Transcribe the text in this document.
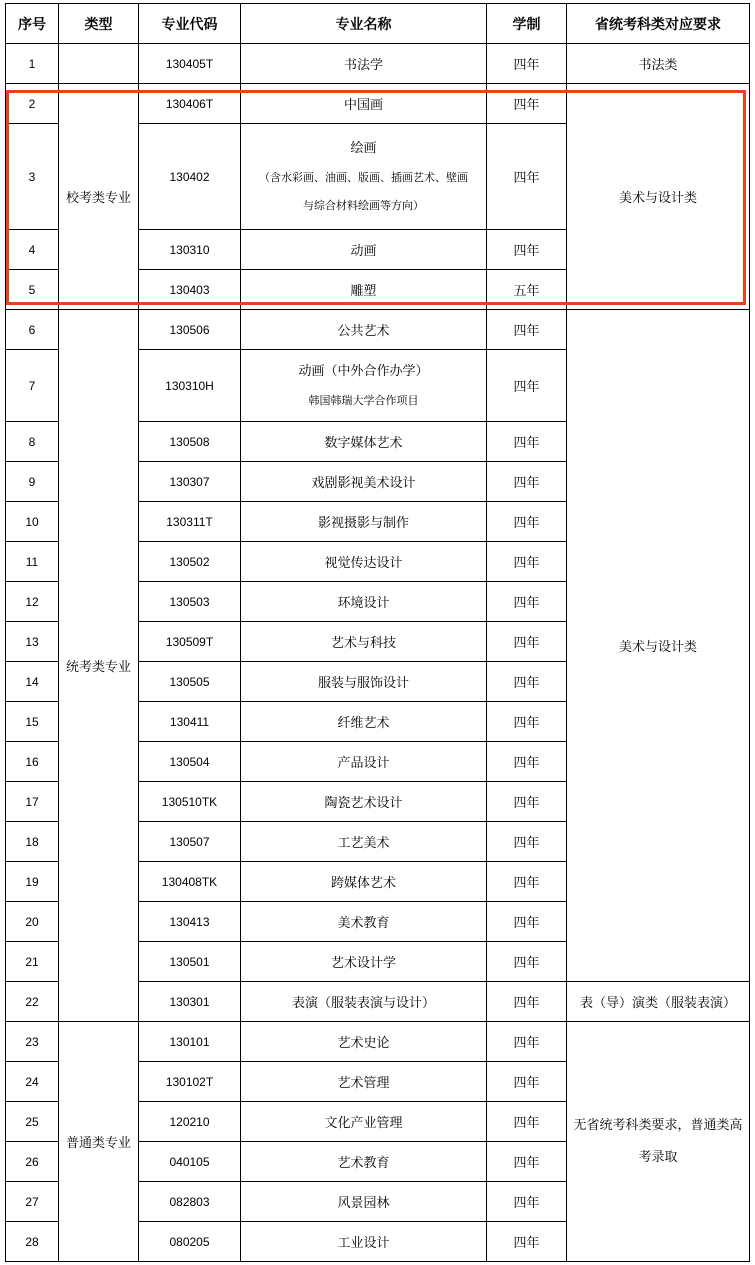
序号	类型	专业代码	专业名称	学制	省统考科类对应要求
1		130405T	书法学	四年	书法类
2	校考类专业	130406T	中国画	四年	美术与设计类
3		130402	绘画
（含水彩画、油画、版画、插画艺术、壁画
与综合材料绘画等方向）	四年	
4		130310	动画	四年	
5		130403	雕塑	五年	
6	统考类专业	130506	公共艺术	四年	美术与设计类
7		130310H	动画（中外合作办学）
韩国韩瑞大学合作项目	四年	
8		130508	数字媒体艺术	四年	
9		130307	戏剧影视美术设计	四年	
10		130311T	影视摄影与制作	四年	
11		130502	视觉传达设计	四年	
12		130503	环境设计	四年	
13		130509T	艺术与科技	四年	
14		130505	服装与服饰设计	四年	
15		130411	纤维艺术	四年	
16		130504	产品设计	四年	
17		130510TK	陶瓷艺术设计	四年	
18		130507	工艺美术	四年	
19		130408TK	跨媒体艺术	四年	
20		130413	美术教育	四年	
21		130501	艺术设计学	四年	
22		130301	表演（服装表演与设计）	四年	表（导）演类（服装表演）
23	普通类专业	130101	艺术史论	四年	无省统考科类要求，普通类高考录取
24		130102T	艺术管理	四年	
25		120210	文化产业管理	四年	
26		040105	艺术教育	四年	
27		082803	风景园林	四年	
28		080205	工业设计	四年	
